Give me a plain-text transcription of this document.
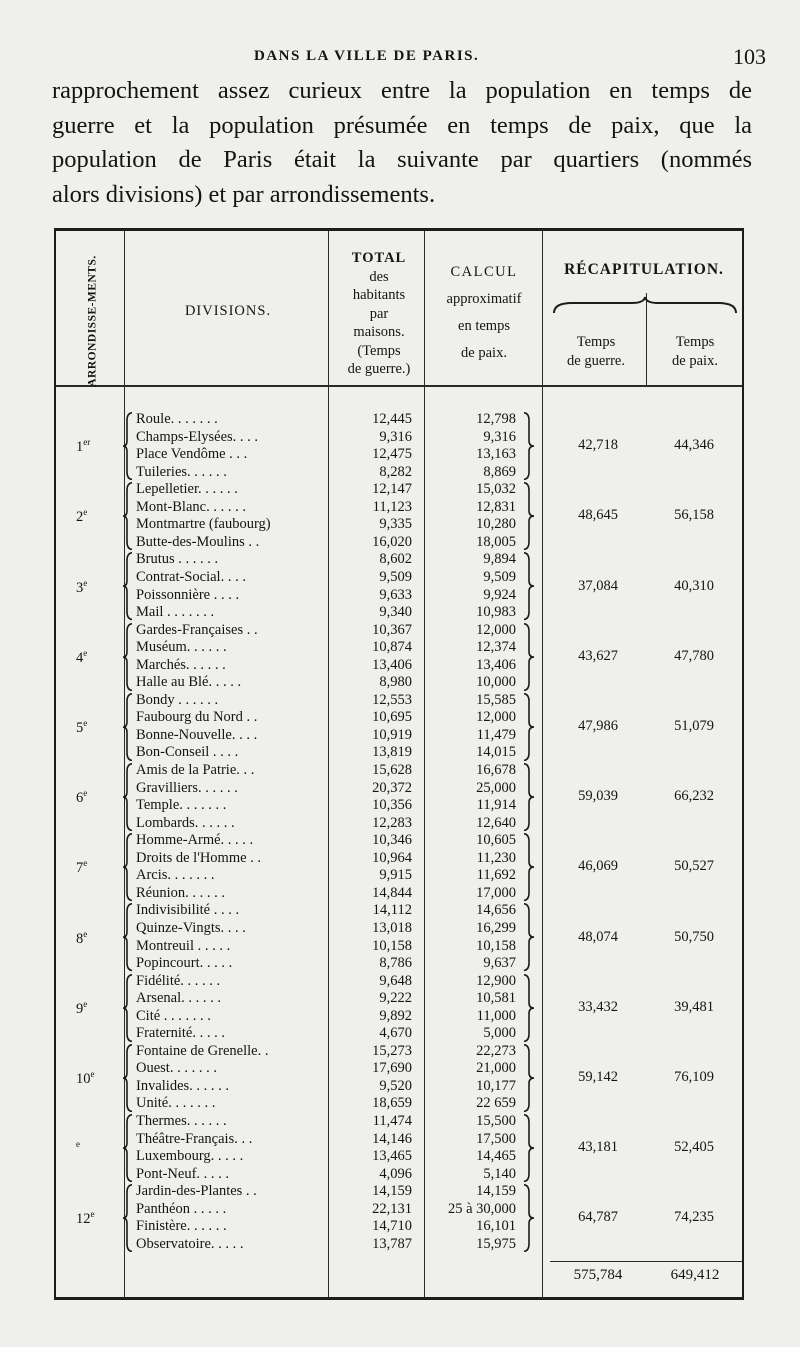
DANS LA VILLE DE PARIS.	103
rapprochement assez curieux entre la population en temps de
guerre et la population présumée en temps de paix, que la
population de Paris était la suivante par quartiers (nommés
alors divisions) et par arrondissements.
ARRONDISSE-MENTS.	DIVISIONS.
TOTAL
des
habitants
par
maisons.
(Temps
de guerre.)
CALCUL
approximatif
en temps
de paix.
RÉCAPITULATION.
Temps
de guerre.
Temps
de paix.
1er	42,718	44,346
Roule. . . . . . .	12,445	12,798
Champs-Elysées. . . .	9,316	9,316
Place Vendôme . . .	12,475	13,163
Tuileries. . . . . .	8,282	8,869
2e	48,645	56,158
Lepelletier. . . . . .	12,147	15,032
Mont-Blanc. . . . . .	11,123	12,831
Montmartre (faubourg)	9,335	10,280
Butte-des-Moulins . .	16,020	18,005
3e	37,084	40,310
Brutus . . . . . .	8,602	9,894
Contrat-Social. . . .	9,509	9,509
Poissonnière . . . .	9,633	9,924
Mail . . . . . . .	9,340	10,983
4e	43,627	47,780
Gardes-Françaises . .	10,367	12,000
Muséum. . . . . .	10,874	12,374
Marchés. . . . . .	13,406	13,406
Halle au Blé. . . . .	8,980	10,000
5e	47,986	51,079
Bondy . . . . . .	12,553	15,585
Faubourg du Nord . .	10,695	12,000
Bonne-Nouvelle. . . .	10,919	11,479
Bon-Conseil . . . .	13,819	14,015
6e	59,039	66,232
Amis de la Patrie. . .	15,628	16,678
Gravilliers. . . . . .	20,372	25,000
Temple. . . . . . .	10,356	11,914
Lombards. . . . . .	12,283	12,640
7e	46,069	50,527
Homme-Armé. . . . .	10,346	10,605
Droits de l'Homme . .	10,964	11,230
Arcis. . . . . . .	9,915	11,692
Réunion. . . . . .	14,844	17,000
8e	48,074	50,750
Indivisibilité . . . .	14,112	14,656
Quinze-Vingts. . . .	13,018	16,299
Montreuil . . . . .	10,158	10,158
Popincourt. . . . .	8,786	9,637
9e	33,432	39,481
Fidélité. . . . . .	9,648	12,900
Arsenal. . . . . .	9,222	10,581
Cité . . . . . . .	9,892	11,000
Fraternité. . . . .	4,670	5,000
10e	59,142	76,109
Fontaine de Grenelle. .	15,273	22,273
Ouest. . . . . . .	17,690	21,000
Invalides. . . . . .	9,520	10,177
Unité. . . . . . .	18,659	22 659
$^e$	43,181	52,405
Thermes. . . . . .	11,474	15,500
Théâtre-Français. . .	14,146	17,500
Luxembourg. . . . .	13,465	14,465
Pont-Neuf. . . . .	4,096	5,140
12e	64,787	74,235
Jardin-des-Plantes . .	14,159	14,159
Panthéon . . . . .	22,131	25 à 30,000
Finistère. . . . . .	14,710	16,101
Observatoire. . . . .	13,787	15,975
575,784	649,412
